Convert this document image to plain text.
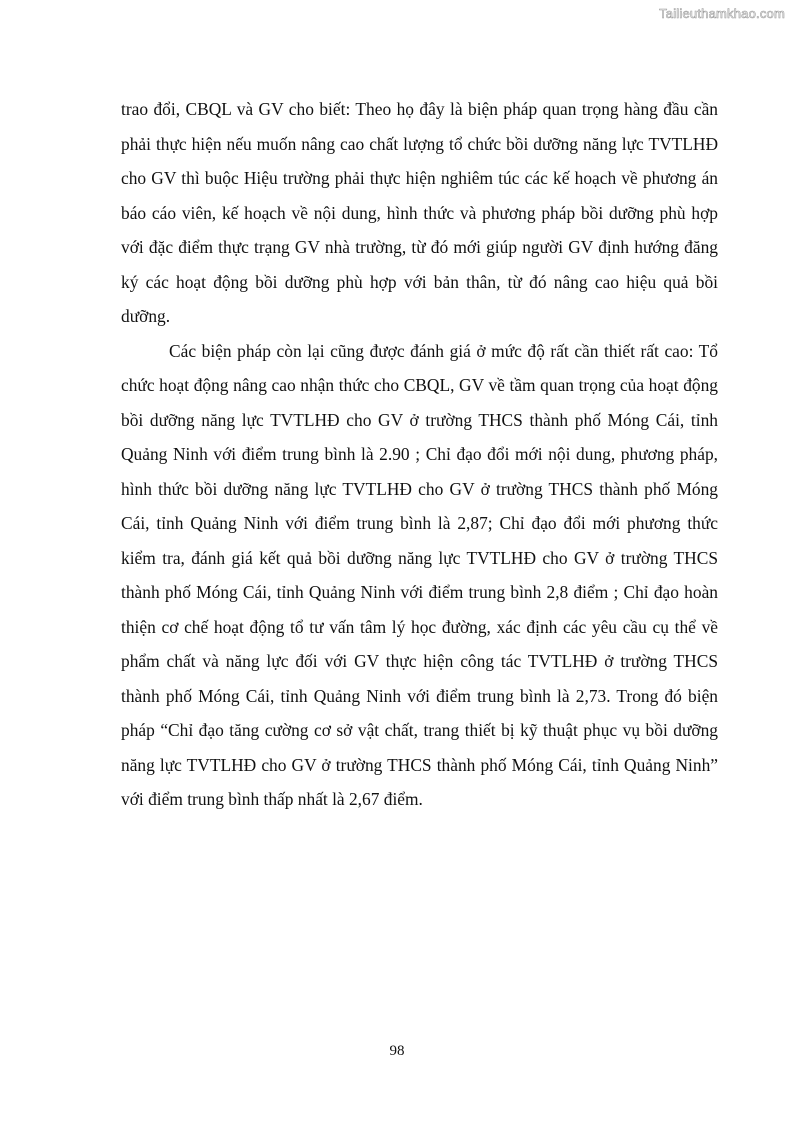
Tailieuthamkhao.com

trao đổi, CBQL và GV cho biết: Theo họ đây là biện pháp quan trọng hàng đầu cần phải thực hiện nếu muốn nâng cao chất lượng tổ chức bồi dưỡng năng lực TVTLHĐ cho GV thì buộc Hiệu trường phải thực hiện nghiêm túc các kế hoạch về phương án báo cáo viên, kế hoạch về nội dung, hình thức và phương pháp bồi dưỡng phù hợp với đặc điểm thực trạng GV nhà trường, từ đó mới giúp người GV định hướng đăng ký các hoạt động bồi dưỡng phù hợp với bản thân, từ đó nâng cao hiệu quả bồi dưỡng.

Các biện pháp còn lại cũng được đánh giá ở mức độ rất cần thiết rất cao: Tổ chức hoạt động nâng cao nhận thức cho CBQL, GV về tầm quan trọng của hoạt động bồi dưỡng năng lực TVTLHĐ cho GV ở trường THCS thành phố Móng Cái, tỉnh Quảng Ninh với điểm trung bình là 2.90 ; Chỉ đạo đổi mới nội dung, phương pháp, hình thức bồi dưỡng năng lực TVTLHĐ cho GV ở trường THCS thành phố Móng Cái, tỉnh Quảng Ninh với điểm trung bình là 2,87; Chỉ đạo đổi mới phương thức kiểm tra, đánh giá kết quả bồi dưỡng năng lực TVTLHĐ cho GV ở trường THCS thành phố Móng Cái, tỉnh Quảng Ninh với điểm trung bình 2,8 điểm ; Chỉ đạo hoàn thiện cơ chế hoạt động tổ tư vấn tâm lý học đường, xác định các yêu cầu cụ thể về phẩm chất và năng lực đối với GV thực hiện công tác TVTLHĐ ở trường THCS thành phố Móng Cái, tỉnh Quảng Ninh với điểm trung bình là 2,73. Trong đó biện pháp “Chỉ đạo tăng cường cơ sở vật chất, trang thiết bị kỹ thuật phục vụ bồi dưỡng năng lực TVTLHĐ cho GV ở trường THCS thành phố Móng Cái, tỉnh Quảng Ninh” với điểm trung bình thấp nhất là 2,67 điểm.

98
